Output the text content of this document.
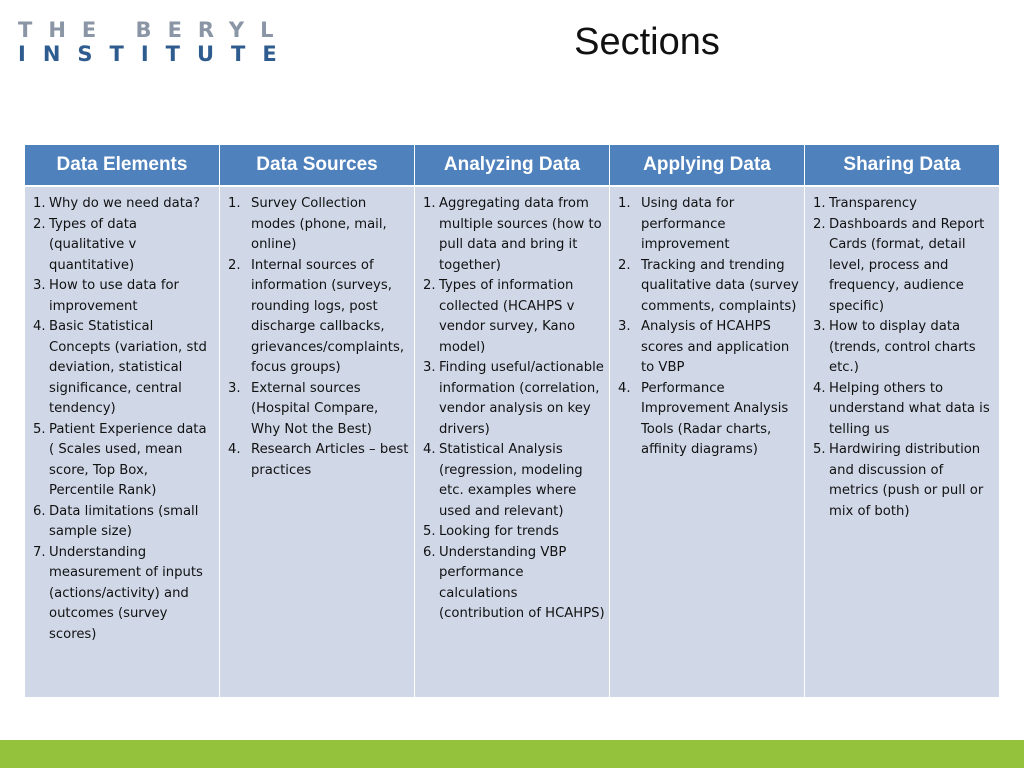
THE BERYL
INSTITUTE	Sections
Data Elements
1. Why do we need data?
2. Types of data (qualitative v quantitative)
3. How to use data for improvement
4. Basic Statistical Concepts (variation, std deviation, statistical significance, central tendency)
5. Patient Experience data ( Scales used, mean score, Top Box, Percentile Rank)
6. Data limitations (small sample size)
7. Understanding measurement of inputs (actions/activity) and outcomes (survey scores)
Data Sources
1. Survey Collection modes (phone, mail, online)
2. Internal sources of information (surveys, rounding logs, post discharge callbacks, grievances/complaints, focus groups)
3. External sources (Hospital Compare, Why Not the Best)
4. Research Articles – best practices
Analyzing Data
1. Aggregating data from multiple sources (how to pull data and bring it together)
2. Types of information collected (HCAHPS v vendor survey, Kano model)
3. Finding useful/actionable information (correlation, vendor analysis on key drivers)
4. Statistical Analysis (regression, modeling etc. examples where used and relevant)
5. Looking for trends
6. Understanding VBP performance calculations (contribution of HCAHPS)
Applying Data
1. Using data for performance improvement
2. Tracking and trending qualitative data (survey comments, complaints)
3. Analysis of HCAHPS scores and application to VBP
4. Performance Improvement Analysis Tools (Radar charts, affinity diagrams)
Sharing Data
1. Transparency
2. Dashboards and Report Cards (format, detail level, process and frequency, audience specific)
3. How to display data (trends, control charts etc.)
4. Helping others to understand what data is telling us
5. Hardwiring distribution and discussion of metrics (push or pull or mix of both)
